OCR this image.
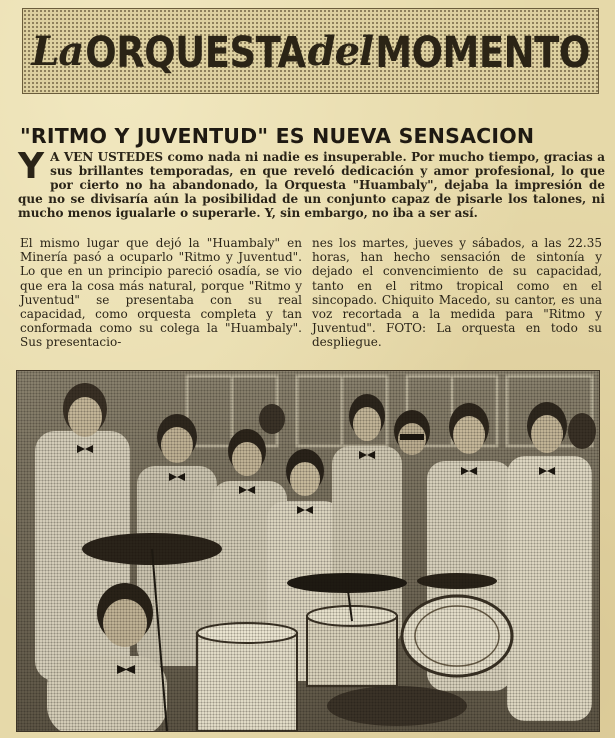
La ORQUESTA del MOMENTO
"RITMO Y JUVENTUD" ES NUEVA SENSACION
Y A VEN USTEDES como nada ni nadie es insuperable. Por mucho tiempo, gracias a sus brillantes temporadas, en que reveló dedicación y amor profesional, lo que por cierto no ha abandonado, la Orquesta "Huambaly", dejaba la impresión de que no se divisaría aún la posibilidad de un conjunto capaz de pisarle los talones, ni mucho menos igualarle o superarle. Y, sin embargo, no iba a ser así.
El mismo lugar que dejó la "Huambaly" en Minería pasó a ocuparlo "Ritmo y Juventud". Lo que en un principio pareció osadía, se vio que era la cosa más natural, porque "Ritmo y Juventud" se presentaba con su real capacidad, como orquesta completa y tan conformada como su colega la "Huambaly". Sus presentacio-
nes los martes, jueves y sábados, a las 22.35 horas, han hecho sensación de sintonía y dejado el convencimiento de su capacidad, tanto en el ritmo tropical como en el sincopado. Chiquito Macedo, su cantor, es una voz recortada a la medida para "Ritmo y Juventud". FOTO: La orquesta en todo su despliegue.
